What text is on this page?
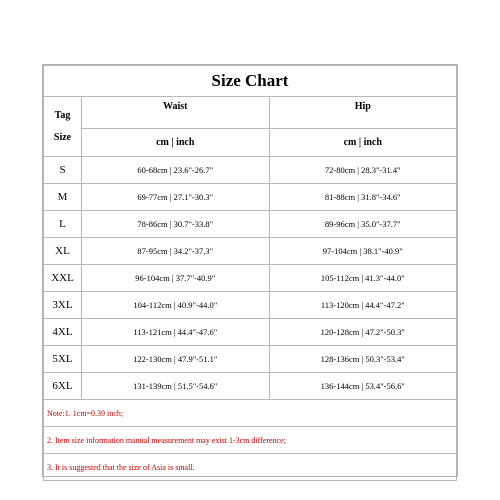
Size Chart		

Tag
Size	Waist	Hip
	cm | inch	cm | inch
S	60-68cm | 23.6"-26.7"	72-80cm | 28.3"-31.4"
M	69-77cm | 27.1"-30.3"	81-88cm | 31.8"-34.6"
L	78-86cm | 30.7"-33.8"	89-96cm | 35.0"-37.7"
XL	87-95cm | 34.2"-37.3"	97-104cm | 38.1"-40.9"
XXL	96-104cm | 37.7"-40.9"	105-112cm | 41.3"-44.0"
3XL	104-112cm | 40.9"-44.0"	113-120cm | 44.4"-47.2"
4XL	113-121cm | 44.4"-47.6"	120-128cm | 47.2"-50.3"
5XL	122-130cm | 47.9"-51.1"	128-136cm | 50.3"-53.4"
6XL	131-139cm | 51.5"-54.6"	136-144cm | 53.4"-56.6"
Note:1. 1cm=0.39 inch;		
2. Item size information manual measurement may exist 1-3cm difference;		
3. It is suggested that the size of Asia is small.		
